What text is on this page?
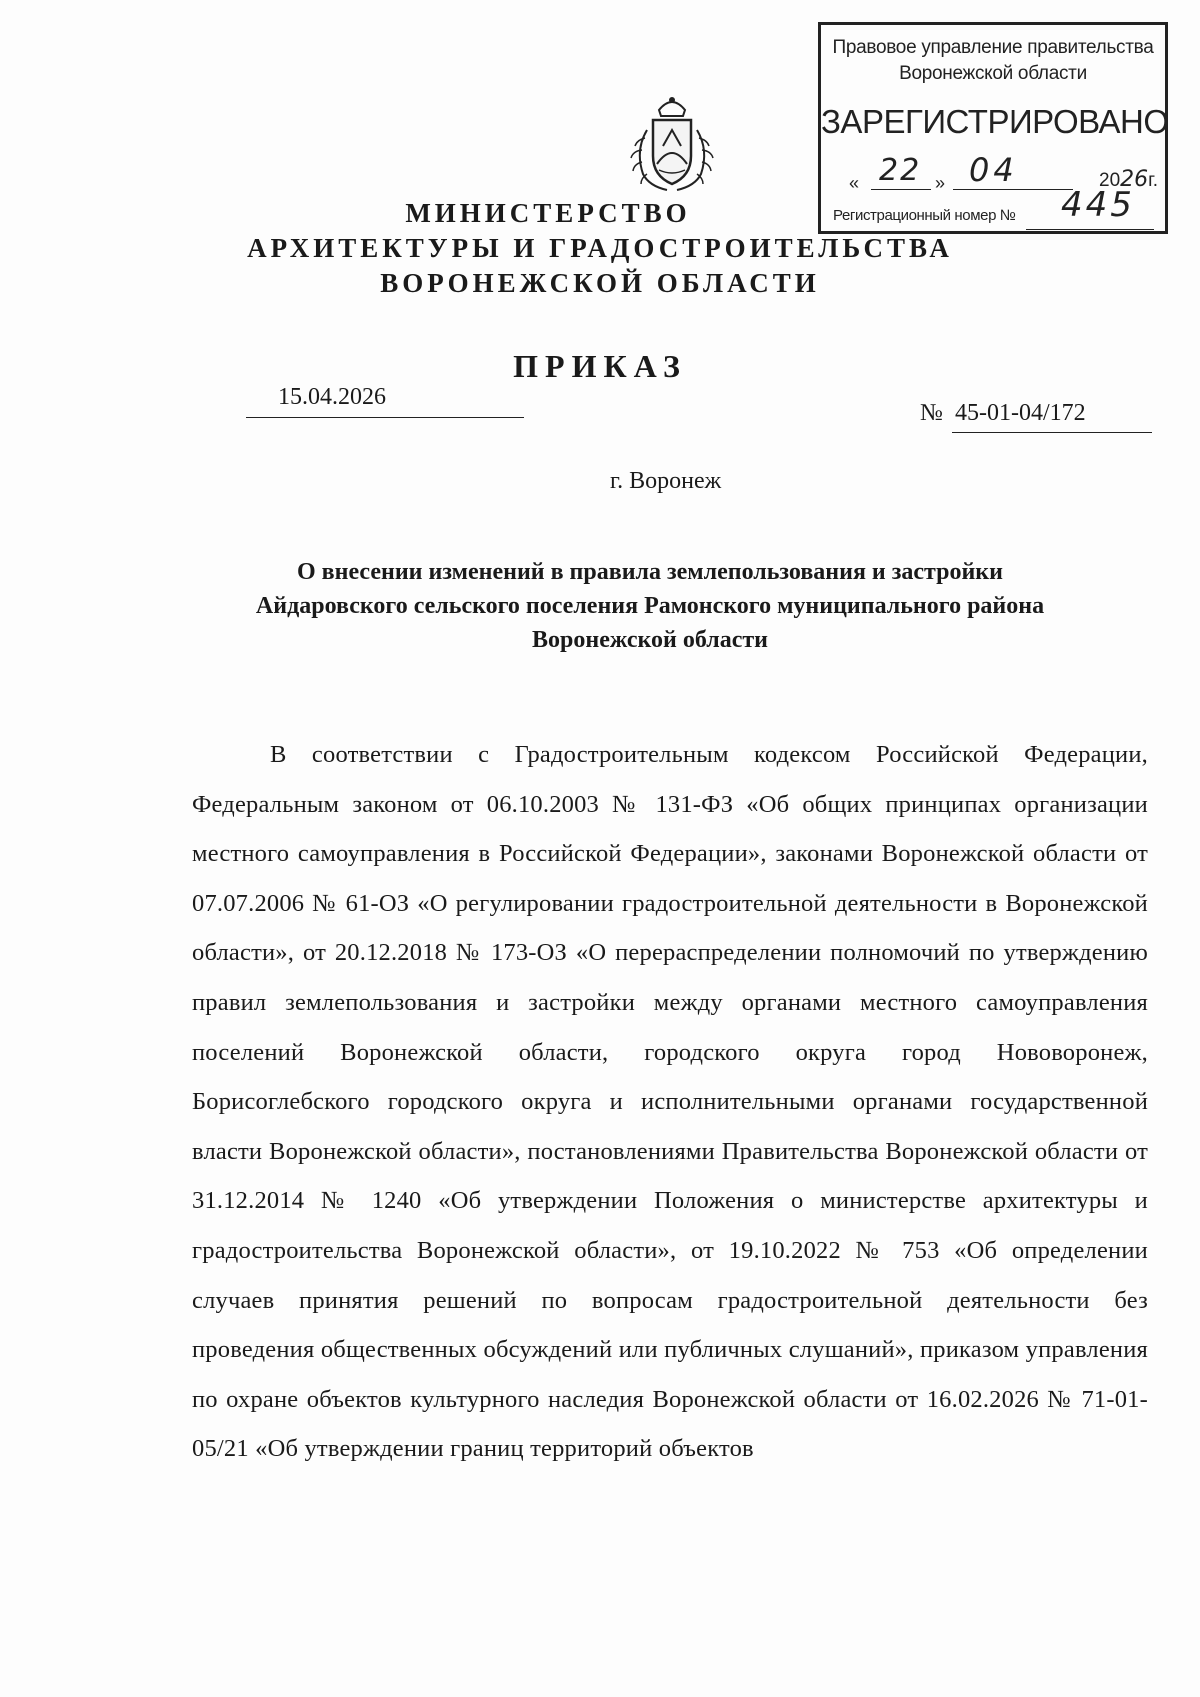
Правовое управление правительства
Воронежской области
ЗАРЕГИСТРИРОВАНО
« 22 » 04	2026г.
Регистрационный номер № 445
МИНИСТЕРСТВО
АРХИТЕКТУРЫ И ГРАДОСТРОИТЕЛЬСТВА
ВОРОНЕЖСКОЙ ОБЛАСТИ
ПРИКАЗ
15.04.2026
№ 45-01-04/172
г. Воронеж
О внесении изменений в правила землепользования и застройки
Айдаровского сельского поселения Рамонского муниципального района
Воронежской области
В соответствии с Градостроительным кодексом Российской Федерации, Федеральным законом от 06.10.2003 № 131-ФЗ «Об общих принципах организации местного самоуправления в Российской Федерации», законами Воронежской области от 07.07.2006 № 61-ОЗ «О регулировании градостроительной деятельности в Воронежской области», от 20.12.2018 № 173-ОЗ «О перераспределении полномочий по утверждению правил землепользования и застройки между органами местного самоуправления поселений Воронежской области, городского округа город Нововоронеж, Борисоглебского городского округа и исполнительными органами государственной власти Воронежской области», постановлениями Правительства Воронежской области от 31.12.2014 № 1240 «Об утверждении Положения о министерстве архитектуры и градостроительства Воронежской области», от 19.10.2022 № 753 «Об определении случаев принятия решений по вопросам градостроительной деятельности без проведения общественных обсуждений или публичных слушаний», приказом управления по охране объектов культурного наследия Воронежской области от 16.02.2026 № 71-01-05/21 «Об утверждении границ территорий объектов
